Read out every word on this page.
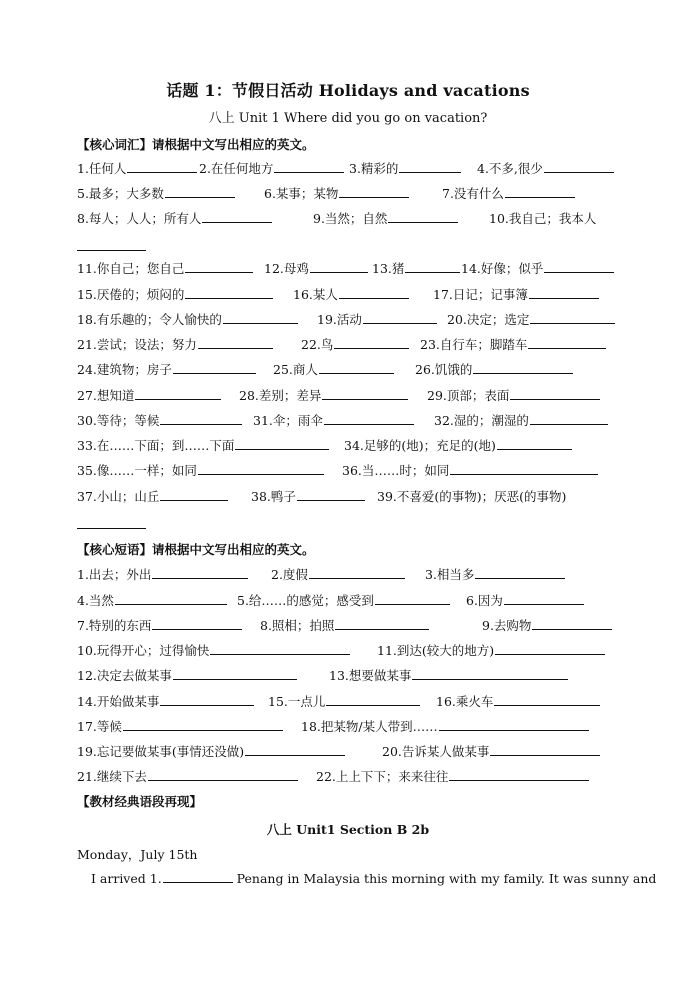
话题 1：节假日活动 Holidays and vacations
八上 Unit 1 Where did you go on vacation?
【核心词汇】请根据中文写出相应的英文。
1.任何人	2.在任何地方	3.精彩的	4.不多,很少
5.最多；大多数	6.某事；某物	7.没有什么
8.每人；人人；所有人	9.当然；自然	10.我自己；我本人
11.你自己；您自己	12.母鸡	13.猪	14.好像；似乎
15.厌倦的；烦闷的	16.某人	17.日记；记事簿
18.有乐趣的；令人愉快的	19.活动	20.决定；选定
21.尝试；设法；努力	22.鸟	23.自行车；脚踏车
24.建筑物；房子	25.商人	26.饥饿的
27.想知道	28.差别；差异	29.顶部；表面
30.等待；等候	31.伞；雨伞	32.湿的；潮湿的
33.在……下面；到……下面	34.足够的(地)；充足的(地)
35.像……一样；如同	36.当……时；如同
37.小山；山丘	38.鸭子	39.不喜爱(的事物)；厌恶(的事物)
【核心短语】请根据中文写出相应的英文。
1.出去；外出	2.度假	3.相当多
4.当然	5.给……的感觉；感受到	6.因为
7.特别的东西	8.照相；拍照	9.去购物
10.玩得开心；过得愉快	11.到达(较大的地方)
12.决定去做某事	13.想要做某事
14.开始做某事	15.一点儿	16.乘火车
17.等候	18.把某物/某人带到……
19.忘记要做某事(事情还没做)	20.告诉某人做某事
21.继续下去	22.上上下下；来来往往
【教材经典语段再现】
八上 Unit1 Section B 2b
Monday，July 15th
I arrived 1.	Penang in Malaysia this morning with my family. It was sunny and
